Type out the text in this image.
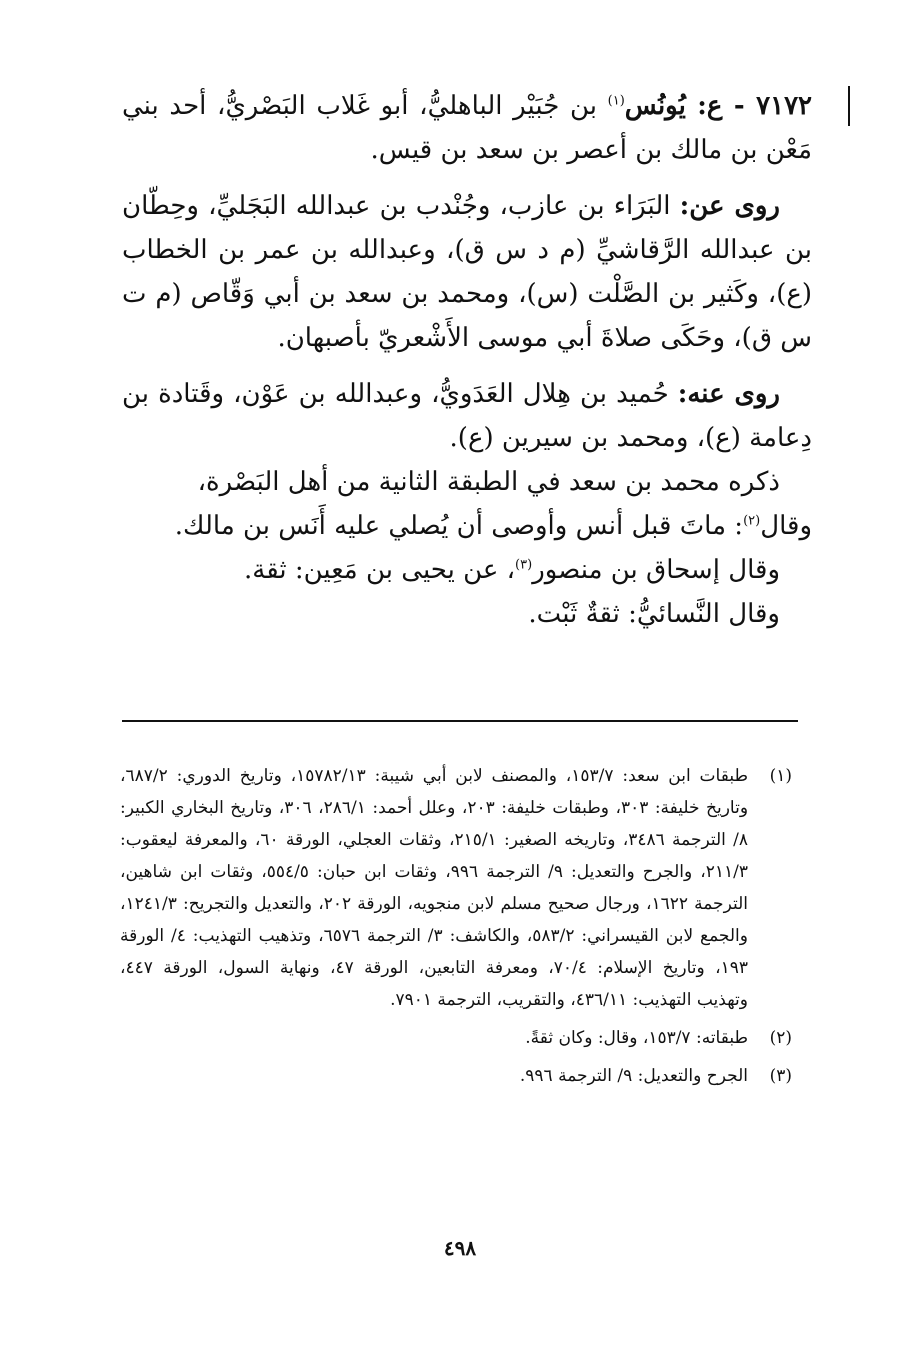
٧١٧٢ - ع: يُونُس$^{(١)}$ بن جُبَيْر الباهليُّ، أبو غَلاب البَصْريُّ، أحد بني مَعْن بن مالك بن أعصر بن سعد بن قيس.

روى عن: البَرَاء بن عازب، وجُنْدب بن عبدالله البَجَليِّ، وحِطّان بن عبدالله الرَّقاشيِّ (م د س ق)، وعبدالله بن عمر بن الخطاب (ع)، وكَثير بن الصَّلْت (س)، ومحمد بن سعد بن أبي وَقّاص (م ت س ق)، وحَكَى صلاةَ أبي موسى الأَشْعريّ بأصبهان.

روى عنه: حُميد بن هِلال العَدَويُّ، وعبدالله بن عَوْن، وقَتادة بن دِعامة (ع)، ومحمد بن سيرين (ع).

ذكره محمد بن سعد في الطبقة الثانية من أهل البَصْرة،

وقال$^{(٢)}$: ماتَ قبل أنس وأوصى أن يُصلي عليه أَنَس بن مالك.

وقال إسحاق بن منصور$^{(٣)}$، عن يحيى بن مَعِين: ثقة.

وقال النَّسائيُّ: ثقةٌ ثَبْت.

(١)
طبقات ابن سعد: ١٥٣/٧، والمصنف لابن أبي شيبة: ١٥٧٨٢/١٣، وتاريخ الدوري: ٦٨٧/٢، وتاريخ خليفة: ٣٠٣، وطبقات خليفة: ٢٠٣، وعلل أحمد: ٢٨٦/١، ٣٠٦، وتاريخ البخاري الكبير: ٨/ الترجمة ٣٤٨٦، وتاريخه الصغير: ٢١٥/١، وثقات العجلي، الورقة ٦٠، والمعرفة ليعقوب: ٢١١/٣، والجرح والتعديل: ٩/ الترجمة ٩٩٦، وثقات ابن حبان: ٥٥٤/٥، وثقات ابن شاهين، الترجمة ١٦٢٢، ورجال صحيح مسلم لابن منجويه، الورقة ٢٠٢، والتعديل والتجريح: ١٢٤١/٣، والجمع لابن القيسراني: ٥٨٣/٢، والكاشف: ٣/ الترجمة ٦٥٧٦، وتذهيب التهذيب: ٤/ الورقة ١٩٣، وتاريخ الإسلام: ٧٠/٤، ومعرفة التابعين، الورقة ٤٧، ونهاية السول، الورقة ٤٤٧، وتهذيب التهذيب: ٤٣٦/١١، والتقريب، الترجمة ٧٩٠١.
(٢)
طبقاته: ١٥٣/٧، وقال: وكان ثقةً.
(٣)
الجرح والتعديل: ٩/ الترجمة ٩٩٦.
٤٩٨
